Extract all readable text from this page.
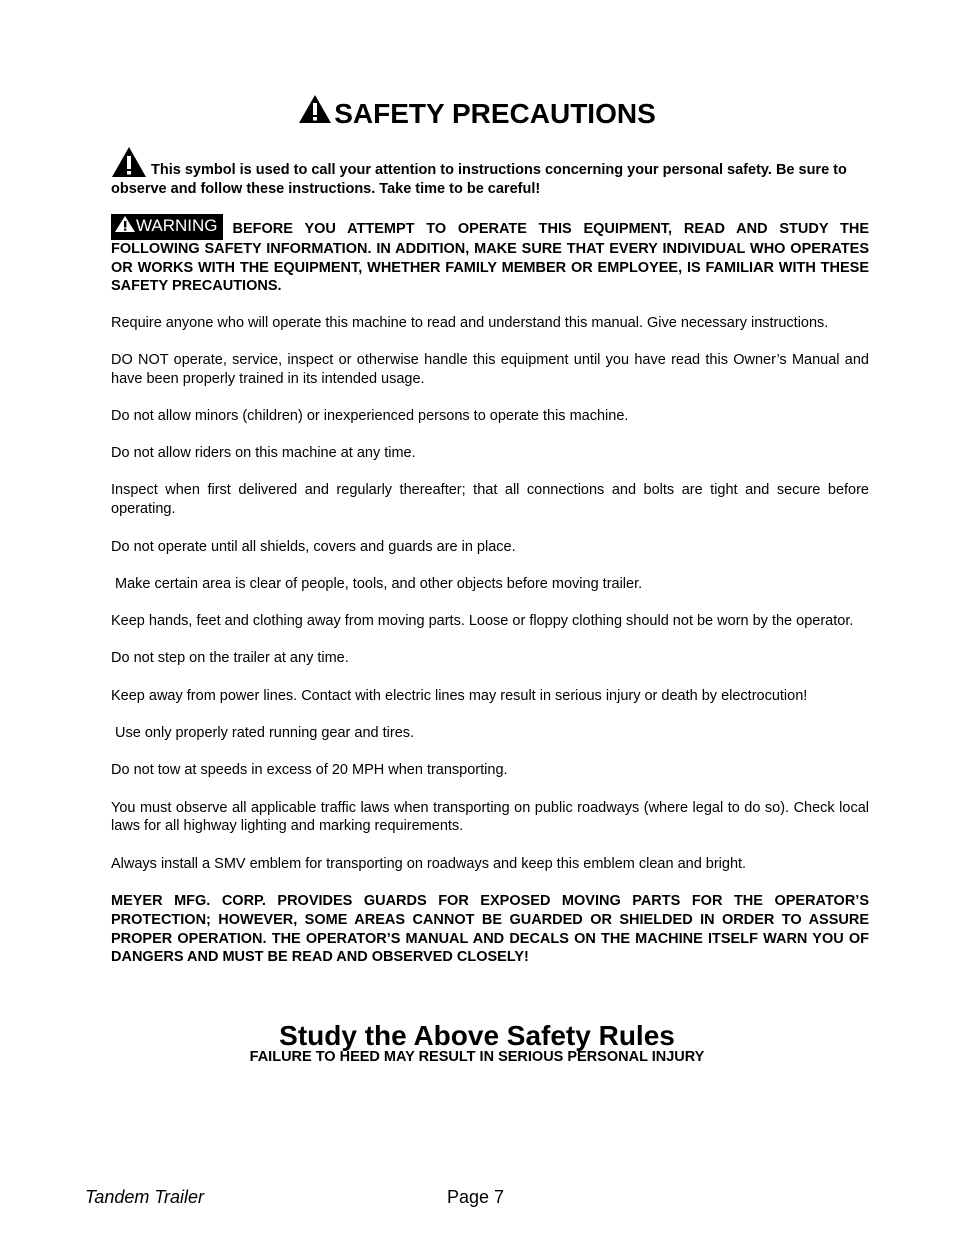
SAFETY PRECAUTIONS

This symbol is used to call your attention to instructions concerning your personal safety. Be sure to observe and follow these instructions. Take time to be careful!

WARNING BEFORE YOU ATTEMPT TO OPERATE THIS EQUIPMENT, READ AND STUDY THE FOLLOWING SAFETY INFORMATION. IN ADDITION, MAKE SURE THAT EVERY INDIVIDUAL WHO OPERATES OR WORKS WITH THE EQUIPMENT, WHETHER FAMILY MEMBER OR EMPLOYEE, IS FAMILIAR WITH THESE SAFETY PRECAUTIONS.

Require anyone who will operate this machine to read and understand this manual. Give necessary instructions.

DO NOT operate, service, inspect or otherwise handle this equipment until you have read this Owner’s Manual and have been properly trained in its intended usage.

Do not allow minors (children) or inexperienced persons to operate this machine.

Do not allow riders on this machine at any time.

Inspect when first delivered and regularly thereafter; that all connections and bolts are tight and secure before operating.

Do not operate until all shields, covers and guards are in place.

Make certain area is clear of people, tools, and other objects before moving trailer.

Keep hands, feet and clothing away from moving parts. Loose or floppy clothing should not be worn by the operator.

Do not step on the trailer at any time.

Keep away from power lines. Contact with electric lines may result in serious injury or death by electrocution!

Use only properly rated running gear and tires.

Do not tow at speeds in excess of 20 MPH when transporting.

You must observe all applicable traffic laws when transporting on public roadways (where legal to do so). Check local laws for all highway lighting and marking requirements.

Always install a SMV emblem for transporting on roadways and keep this emblem clean and bright.

MEYER MFG. CORP. PROVIDES GUARDS FOR EXPOSED MOVING PARTS FOR THE OPERATOR’S PROTECTION; HOWEVER, SOME AREAS CANNOT BE GUARDED OR SHIELDED IN ORDER TO ASSURE PROPER OPERATION. THE OPERATOR’S MANUAL AND DECALS ON THE MACHINE ITSELF WARN YOU OF DANGERS AND MUST BE READ AND OBSERVED CLOSELY!

Study the Above Safety Rules
FAILURE TO HEED MAY RESULT IN SERIOUS PERSONAL INJURY
Tandem Trailer	Page 7
